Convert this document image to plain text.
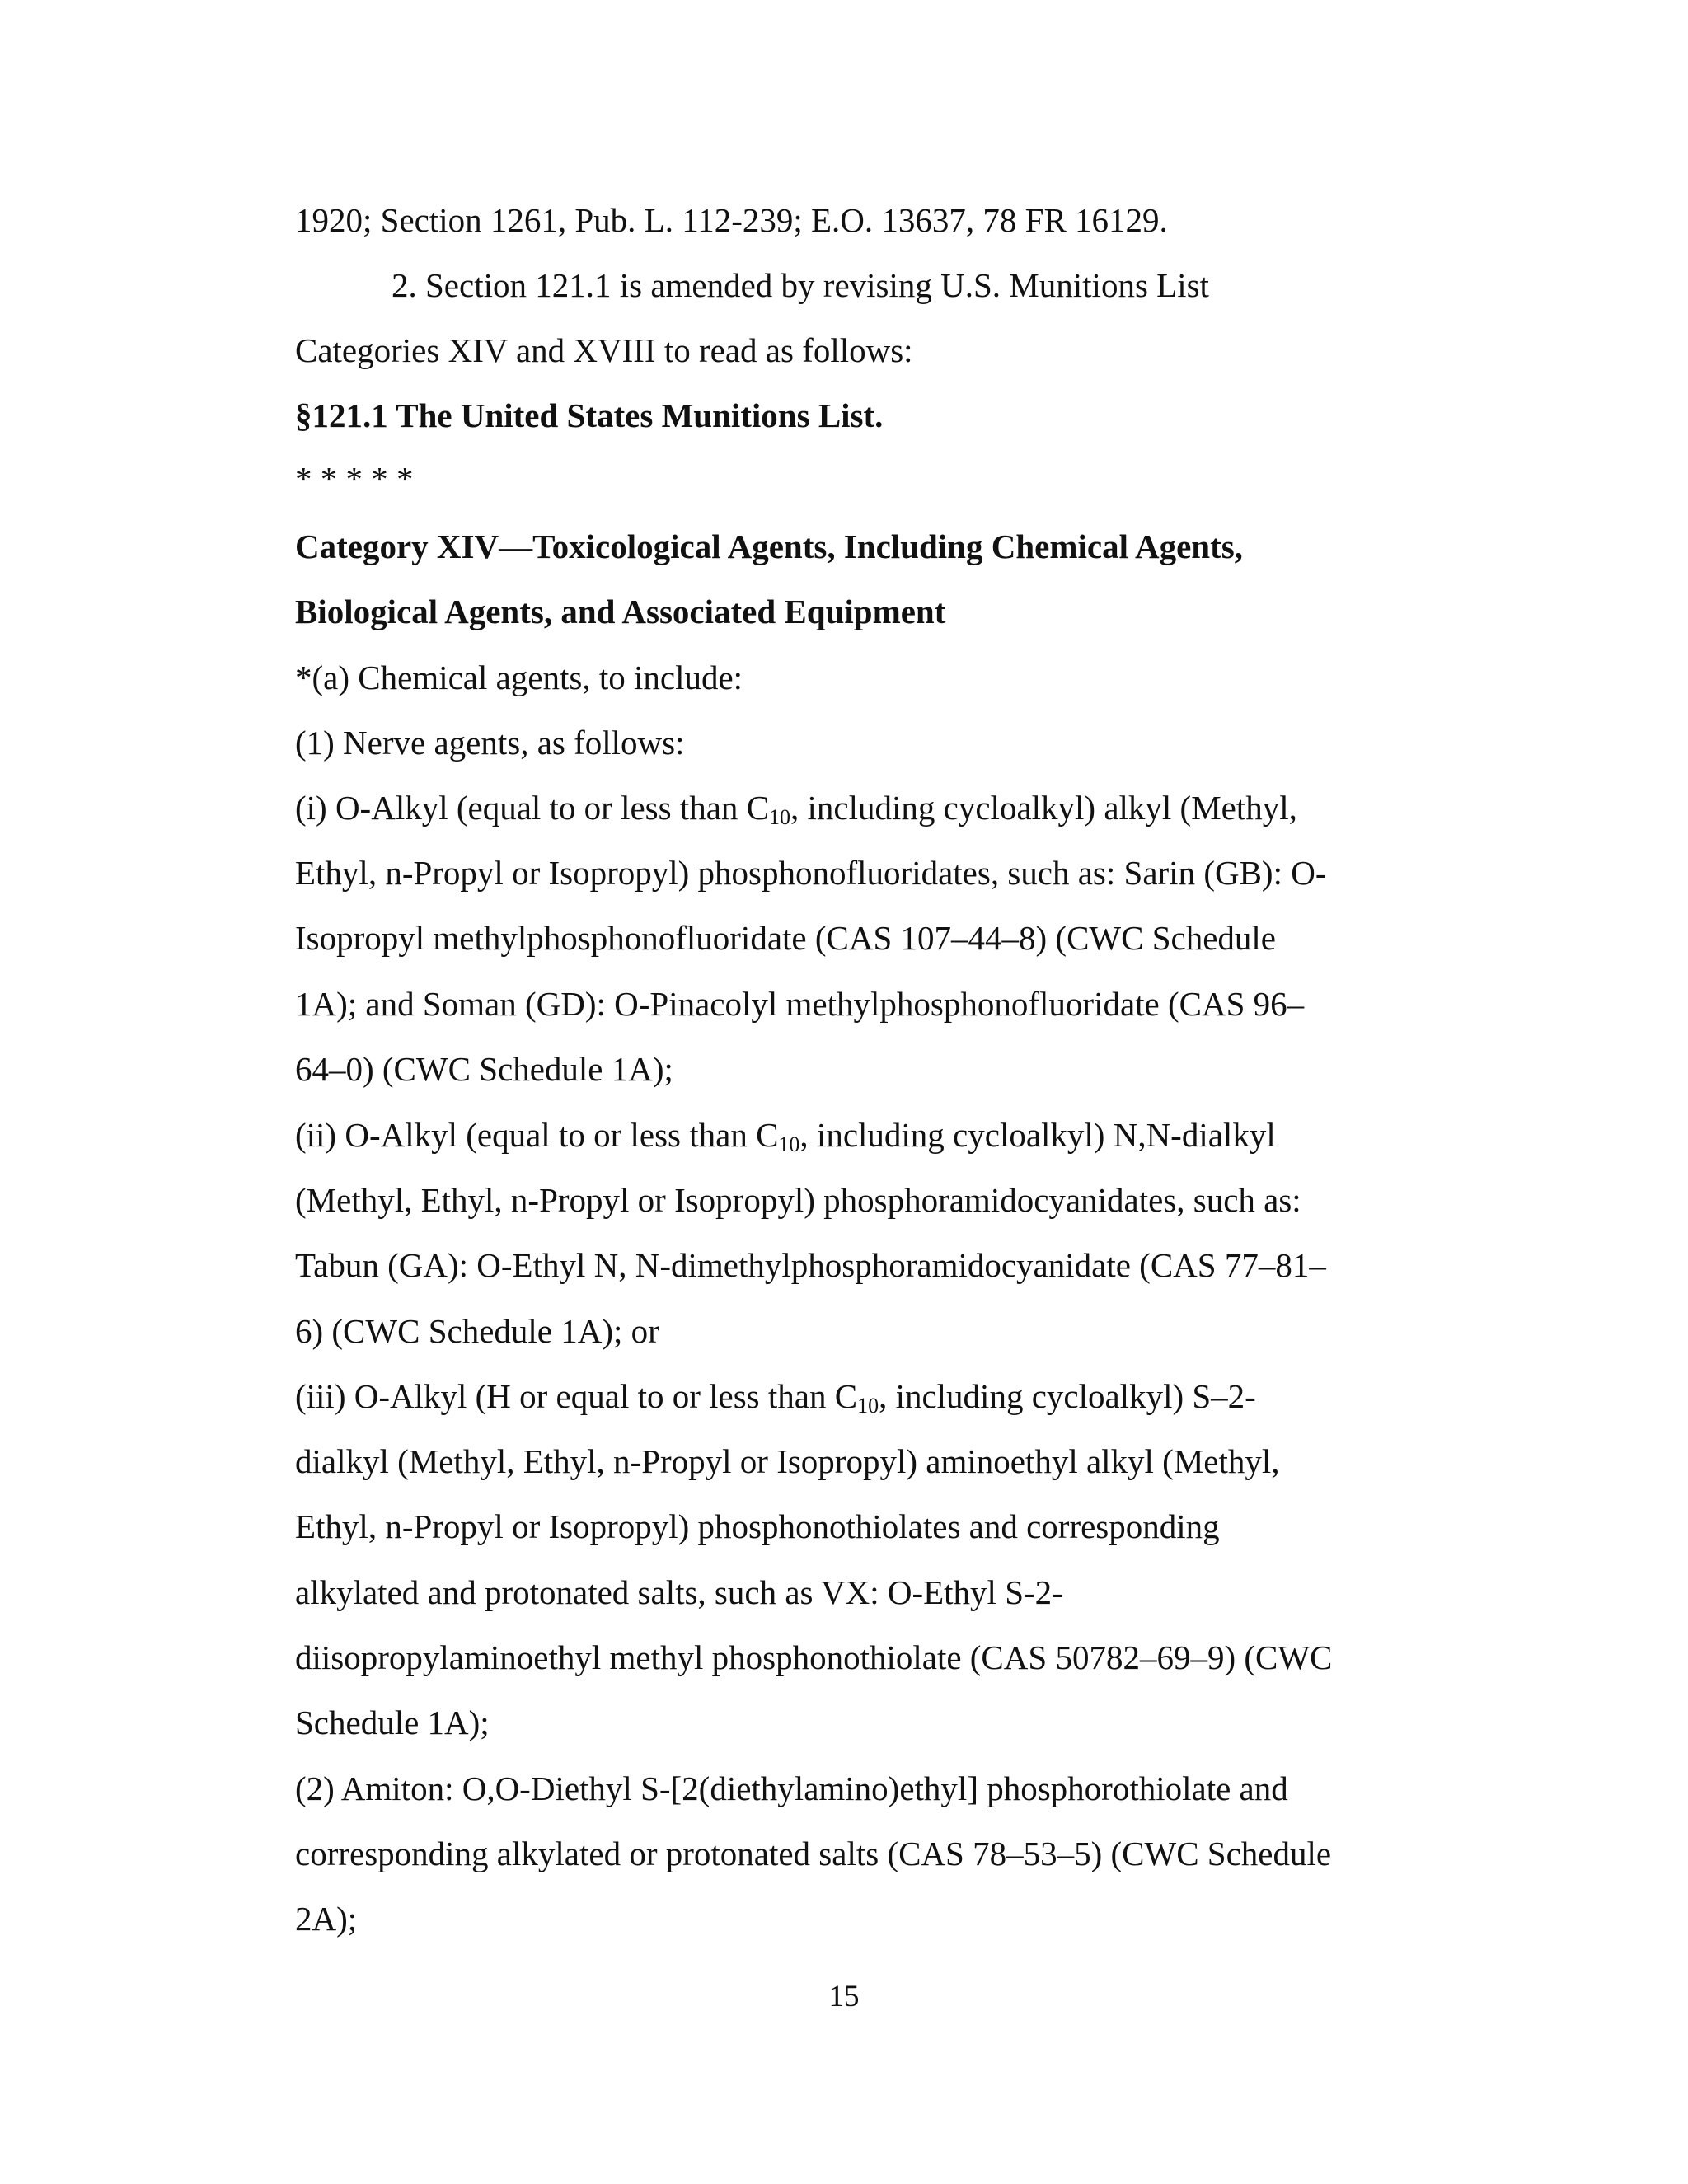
1920; Section 1261, Pub. L. 112-239; E.O. 13637, 78 FR 16129.

2. Section 121.1 is amended by revising U.S. Munitions List

Categories XIV and XVIII to read as follows:

§121.1 The United States Munitions List.

* * * * *

Category XIV—Toxicological Agents, Including Chemical Agents,

Biological Agents, and Associated Equipment

*(a) Chemical agents, to include:

(1) Nerve agents, as follows:

(i) O-Alkyl (equal to or less than $C_{10}$, including cycloalkyl) alkyl (Methyl,

Ethyl, n-Propyl or Isopropyl) phosphonofluoridates, such as: Sarin (GB): O-

Isopropyl methylphosphonofluoridate (CAS 107–44–8) (CWC Schedule

1A); and Soman (GD): O-Pinacolyl methylphosphonofluoridate (CAS 96–

64–0) (CWC Schedule 1A);

(ii) O-Alkyl (equal to or less than $C_{10}$, including cycloalkyl) N,N-dialkyl

(Methyl, Ethyl, n-Propyl or Isopropyl) phosphoramidocyanidates, such as:

Tabun (GA): O-Ethyl N, N-dimethylphosphoramidocyanidate (CAS 77–81–

6) (CWC Schedule 1A); or

(iii) O-Alkyl (H or equal to or less than $C_{10}$, including cycloalkyl) S–2-

dialkyl (Methyl, Ethyl, n-Propyl or Isopropyl) aminoethyl alkyl (Methyl,

Ethyl, n-Propyl or Isopropyl) phosphonothiolates and corresponding

alkylated and protonated salts, such as VX: O-Ethyl S-2-

diisopropylaminoethyl methyl phosphonothiolate (CAS 50782–69–9) (CWC

Schedule 1A);

(2) Amiton: O,O-Diethyl S-[2(diethylamino)ethyl] phosphorothiolate and

corresponding alkylated or protonated salts (CAS 78–53–5) (CWC Schedule

2A);

15
